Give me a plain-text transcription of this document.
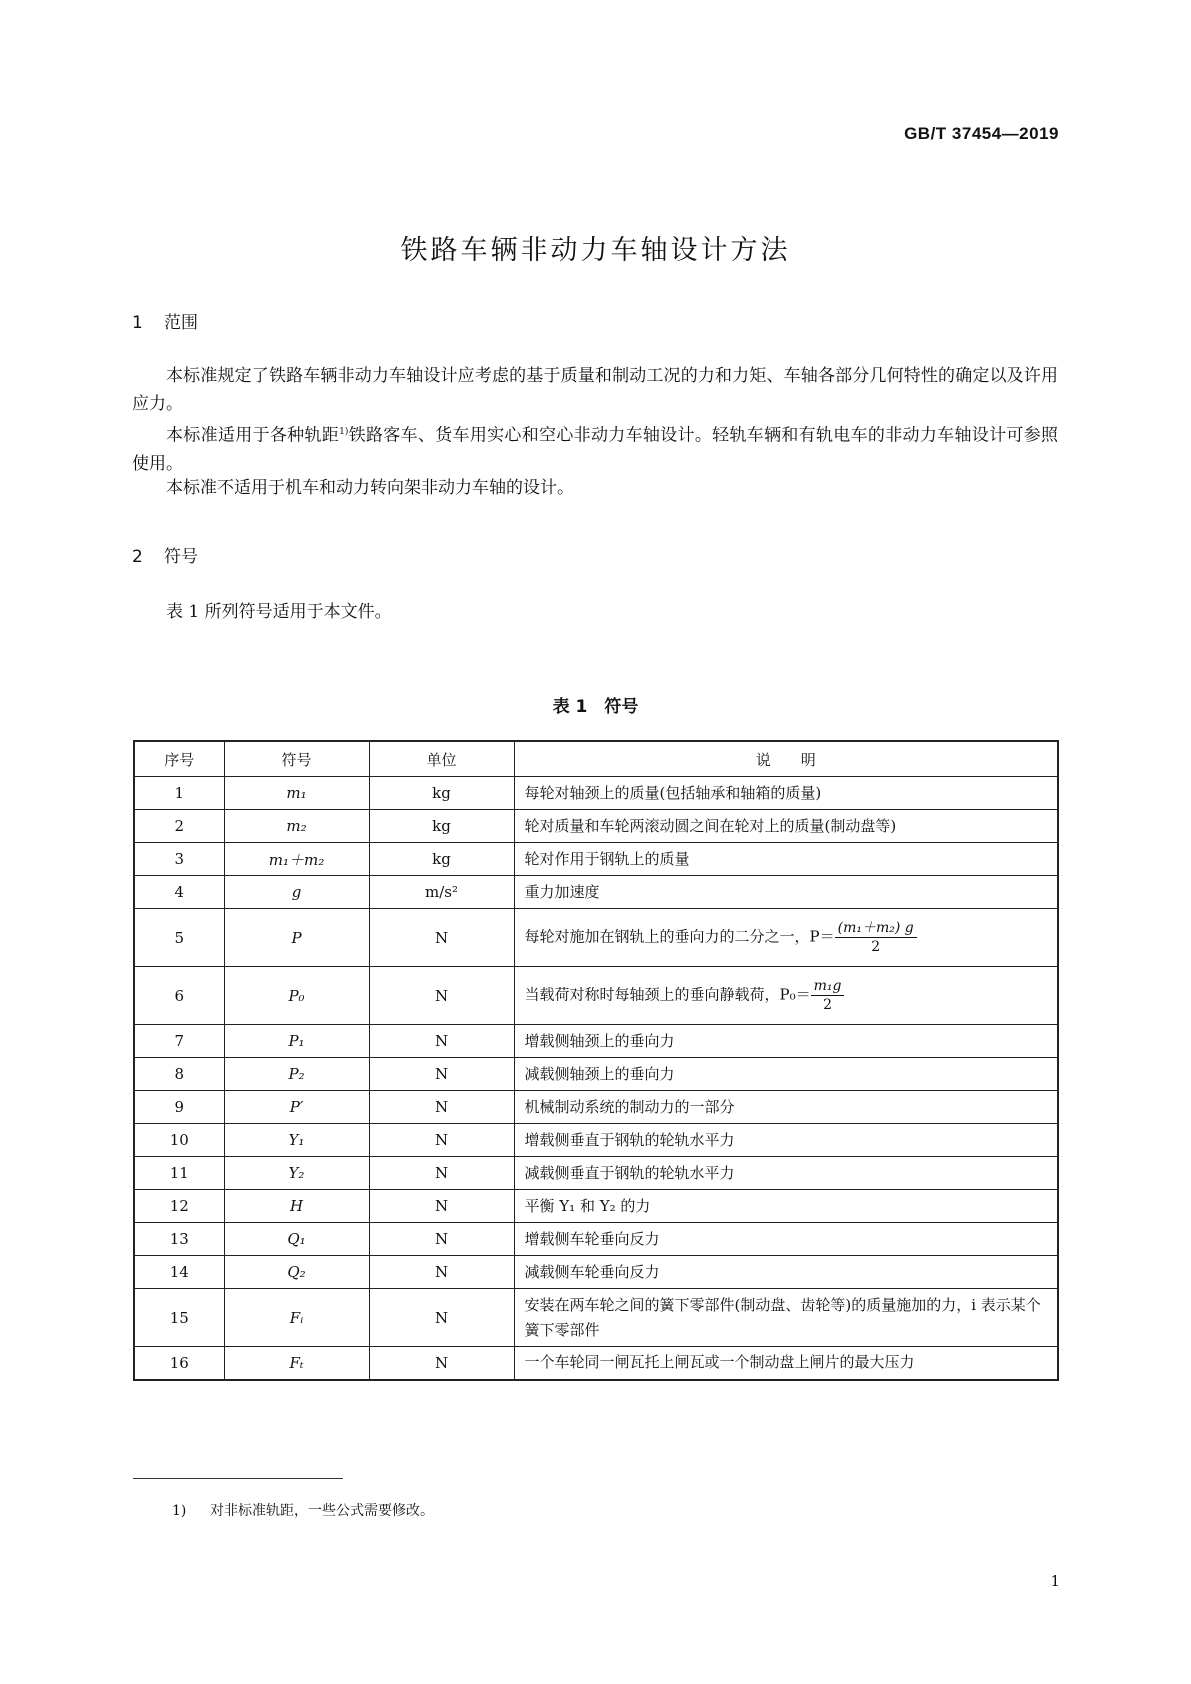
GB/T 37454—2019
铁路车辆非动力车轴设计方法
1 范围
本标准规定了铁路车辆非动力车轴设计应考虑的基于质量和制动工况的力和力矩、车轴各部分几何特性的确定以及许用应力。
本标准适用于各种轨距$^{1)}$铁路客车、货车用实心和空心非动力车轴设计。轻轨车辆和有轨电车的非动力车轴设计可参照使用。
本标准不适用于机车和动力转向架非动力车轴的设计。
2 符号
表 1 所列符号适用于本文件。
表 1　符号
序号	符号	单位	说　　明
1	m₁	kg	每轮对轴颈上的质量(包括轴承和轴箱的质量)
2	m₂	kg	轮对质量和车轮两滚动圆之间在轮对上的质量(制动盘等)
3	m₁＋m₂	kg	轮对作用于钢轨上的质量
4	g	m/s²	重力加速度
5	P	N	每轮对施加在钢轨上的垂向力的二分之一，$P= \frac{\text{(m₁＋m₂) g}}{2}$

6	P₀	N	当载荷对称时每轴颈上的垂向静载荷，$P_0= \frac{\text{m₁g}}{2}$

7	P₁	N	增载侧轴颈上的垂向力
8	P₂	N	减载侧轴颈上的垂向力
9	P′	N	机械制动系统的制动力的一部分
10	Y₁	N	增载侧垂直于钢轨的轮轨水平力
11	Y₂	N	减载侧垂直于钢轨的轮轨水平力
12	H	N	平衡 Y₁ 和 Y₂ 的力
13	Q₁	N	增载侧车轮垂向反力
14	Q₂	N	减载侧车轮垂向反力
15	Fᵢ	N	安装在两车轮之间的簧下零部件(制动盘、齿轮等)的质量施加的力，i 表示某个簧下零部件
16	Fₜ	N	一个车轮同一闸瓦托上闸瓦或一个制动盘上闸片的最大压力
1) 对非标准轨距，一些公式需要修改。
1
